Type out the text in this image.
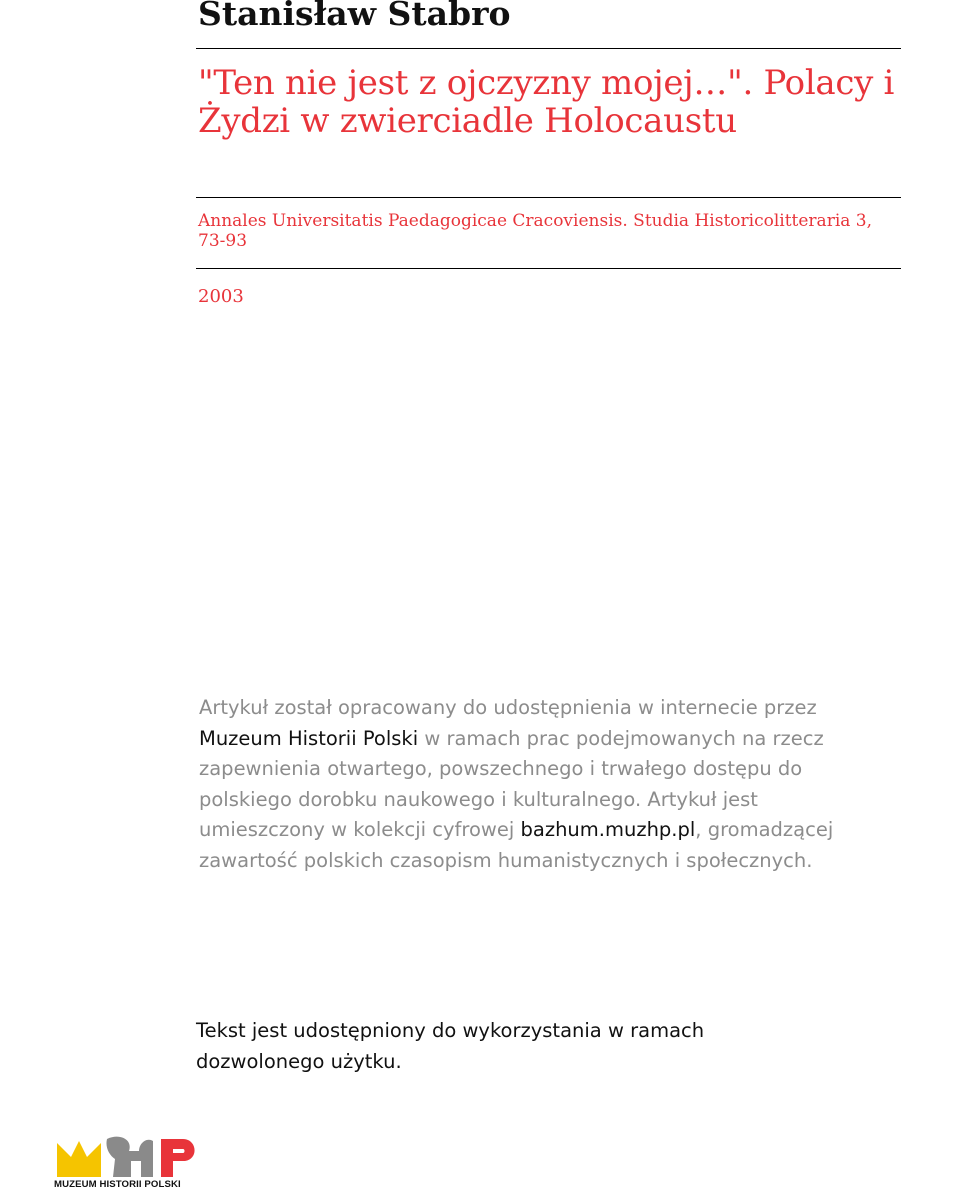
Stanisław Stabro
"Ten nie jest z ojczyzny mojej…". Polacy i Żydzi w zwierciadle Holocaustu
Annales Universitatis Paedagogicae Cracoviensis. Studia Historicolitteraria 3, 73-93
2003
Artykuł został opracowany do udostępnienia w internecie przez Muzeum Historii Polski w ramach prac podejmowanych na rzecz zapewnienia otwartego, powszechnego i trwałego dostępu do polskiego dorobku naukowego i kulturalnego. Artykuł jest umieszczony w kolekcji cyfrowej bazhum.muzhp.pl, gromadzącej zawartość polskich czasopism humanistycznych i społecznych.
Tekst jest udostępniony do wykorzystania w ramach dozwolonego użytku.
MUZEUM HISTORII POLSKI
